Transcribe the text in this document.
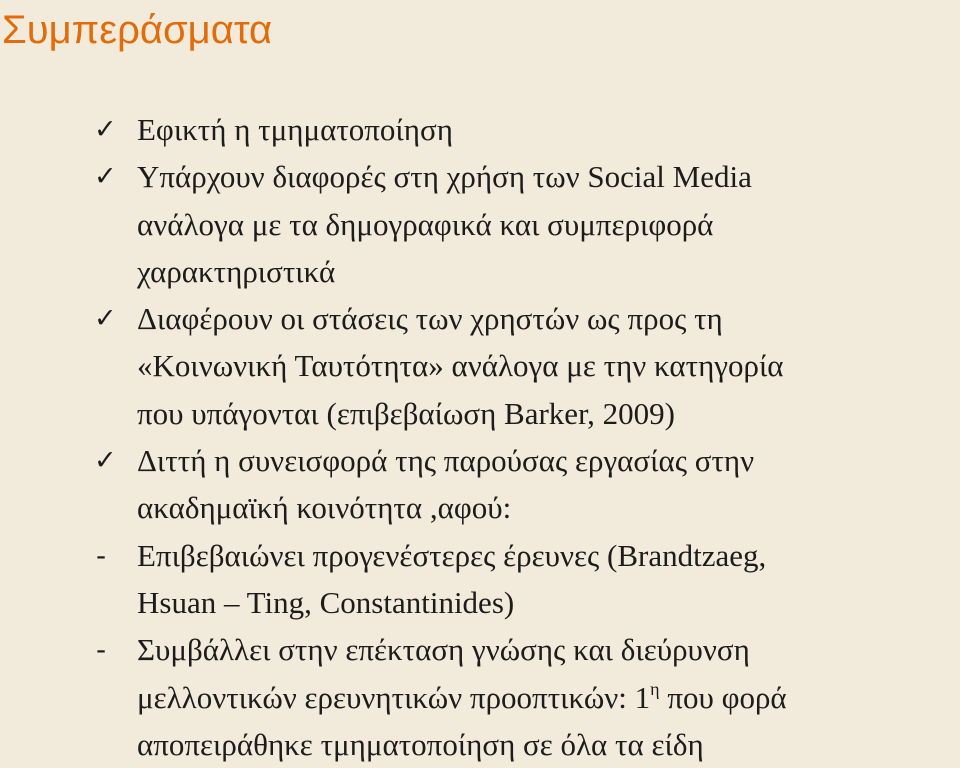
Συμπεράσματα
✓ Εφικτή η τμηματοποίηση
✓ Υπάρχουν διαφορές στη χρήση των Social Media
ανάλογα με τα δημογραφικά και συμπεριφορά
χαρακτηριστικά
✓ Διαφέρουν οι στάσεις των χρηστών ως προς τη
«Κοινωνική Ταυτότητα» ανάλογα με την κατηγορία
που υπάγονται (επιβεβαίωση Barker, 2009)
✓ Διττή η συνεισφορά της παρούσας εργασίας στην
ακαδημαϊκή κοινότητα ,αφού:
- Επιβεβαιώνει προγενέστερες έρευνες (Brandtzaeg,
Hsuan – Ting, Constantinides)
- Συμβάλλει στην επέκταση γνώσης και διεύρυνση
μελλοντικών ερευνητικών προοπτικών: $1^\eta$ που φορά
αποπειράθηκε τμηματοποίηση σε όλα τα είδη
